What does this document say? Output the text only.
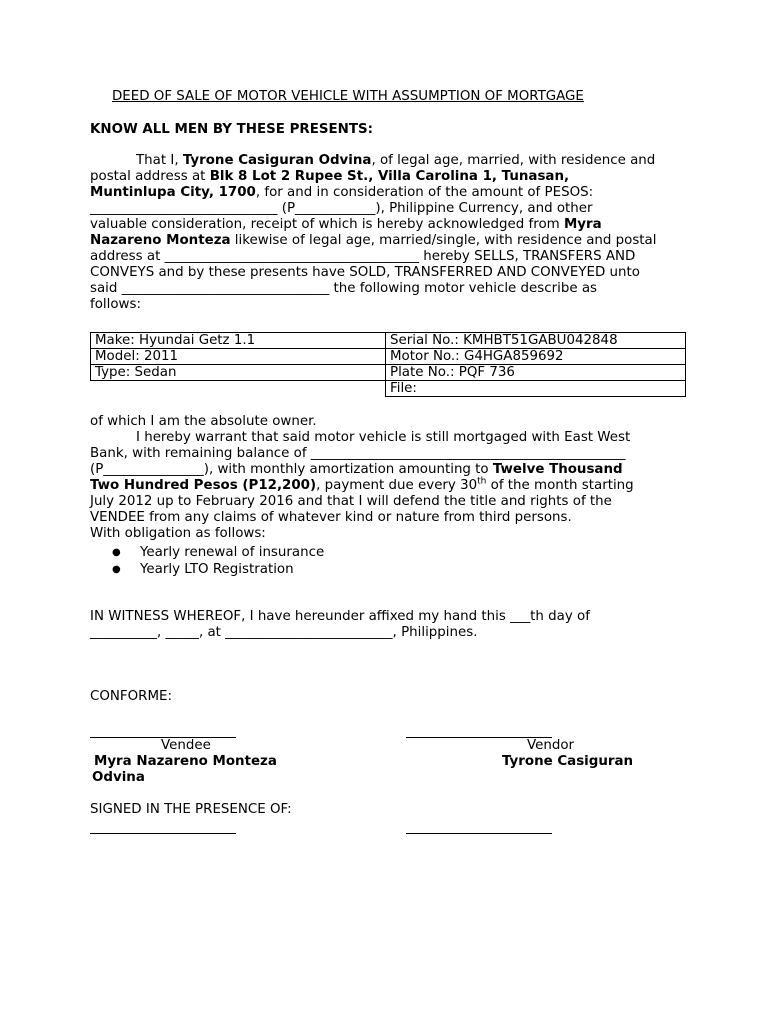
DEED OF SALE OF MOTOR VEHICLE WITH ASSUMPTION OF MORTGAGE
KNOW ALL MEN BY THESE PRESENTS:
That I, Tyrone Casiguran Odvina, of legal age, married, with residence and
postal address at Blk 8 Lot 2 Rupee St., Villa Carolina 1, Tunasan,
Muntinlupa City, 1700, for and in consideration of the amount of PESOS:
____________________________ (P____________), Philippine Currency, and other
valuable consideration, receipt of which is hereby acknowledged from Myra
Nazareno Monteza likewise of legal age, married/single, with residence and postal
address at ______________________________________ hereby SELLS, TRANSFERS AND
CONVEYS and by these presents have SOLD, TRANSFERRED AND CONVEYED unto
said _______________________________ the following motor vehicle describe as
follows:
Make: Hyundai Getz 1.1	Serial No.: KMHBT51GABU042848
Model: 2011	Motor No.: G4HGA859692
Type: Sedan	Plate No.: PQF 736
	File:
of which I am the absolute owner.
I hereby warrant that said motor vehicle is still mortgaged with East West
Bank, with remaining balance of _______________________________________________
(P_______________), with monthly amortization amounting to Twelve Thousand
Two Hundred Pesos (P12,200), payment due every 30th of the month starting
July 2012 up to February 2016 and that I will defend the title and rights of the
VENDEE from any claims of whatever kind or nature from third persons.
With obligation as follows:
● Yearly renewal of insurance
● Yearly LTO Registration
IN WITNESS WHEREOF, I have hereunder affixed my hand this ___th day of
__________, _____, at _________________________, Philippines.
CONFORME:
Vendee	Vendor
Myra Nazareno Monteza
Odvina
Tyrone Casiguran
SIGNED IN THE PRESENCE OF:
